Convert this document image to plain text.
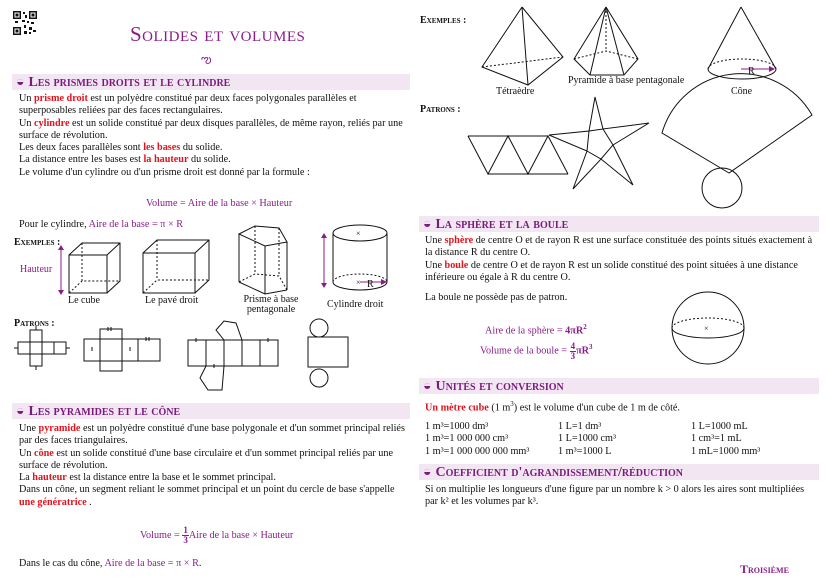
Solides et volumes
ఌ
◒ Les prismes droits et le cylindre
Un prisme droit est un polyèdre constitué par deux faces polygonales parallèles et superposables reliées par des faces rectangulaires.
Un cylindre est un solide constitué par deux disques parallèles, de même rayon, reliés par une surface de révolution.
Les deux faces parallèles sont les bases du solide.
La distance entre les bases est la hauteur du solide.
Le volume d'un cylindre ou d'un prisme droit est donné par la formule :
Volume = Aire de la base × Hauteur
Pour le cylindre, Aire de la base = π × R
Exemples :
Hauteur
×
× R
Le cube	Le pavé droit	Prisme à base pentagonale	Cylindre droit
Patrons :
◒ Les pyramides et le cône
Une pyramide est un polyèdre constitué d'une base polygonale et d'un sommet principal reliés par des faces triangulaires.
Un cône est un solide constitué d'une base circulaire et d'un sommet principal reliés par une surface de révolution.
La hauteur est la distance entre la base et le sommet principal.
Dans un cône, un segment reliant le sommet principal et un point du cercle de base s'appelle une génératrice .
Volume = $\frac{1}{3}$ Aire de la base × Hauteur
Dans le cas du cône, Aire de la base = π × R.
Exemples :
R
Tétraèdre
Pyramide à base pentagonale
Cône
Patrons :
◒ La sphère et la boule
Une sphère de centre O et de rayon R est une surface constituée des points situés exactement à la distance R du centre O.
Une boule de centre O et de rayon R est un solide constitué des point situées à une distance inférieure ou égale à R du centre O.
La boule ne possède pas de patron.
Aire de la sphère = $4\pi R^2$
Volume de la boule = $\frac{4}{3} \pi R^3$
×
◒ Unités et conversion
Un mètre cube (1 $m^3$) est le volume d'un cube de 1 m de côté.
1 m³=1000 dm³	1 L=1 dm³	1 L=1000 mL
1 m³=1 000 000 cm³	1 L=1000 cm³	1 cm³=1 mL
1 m³=1 000 000 000 mm³	1 m³=1000 L	1 mL=1000 mm³
◒ Coefficient d'agrandissement/réduction
Si on multiplie les longueurs d'une figure par un nombre k > 0 alors les aires sont multipliées par k² et les volumes par k³.
Troisième
